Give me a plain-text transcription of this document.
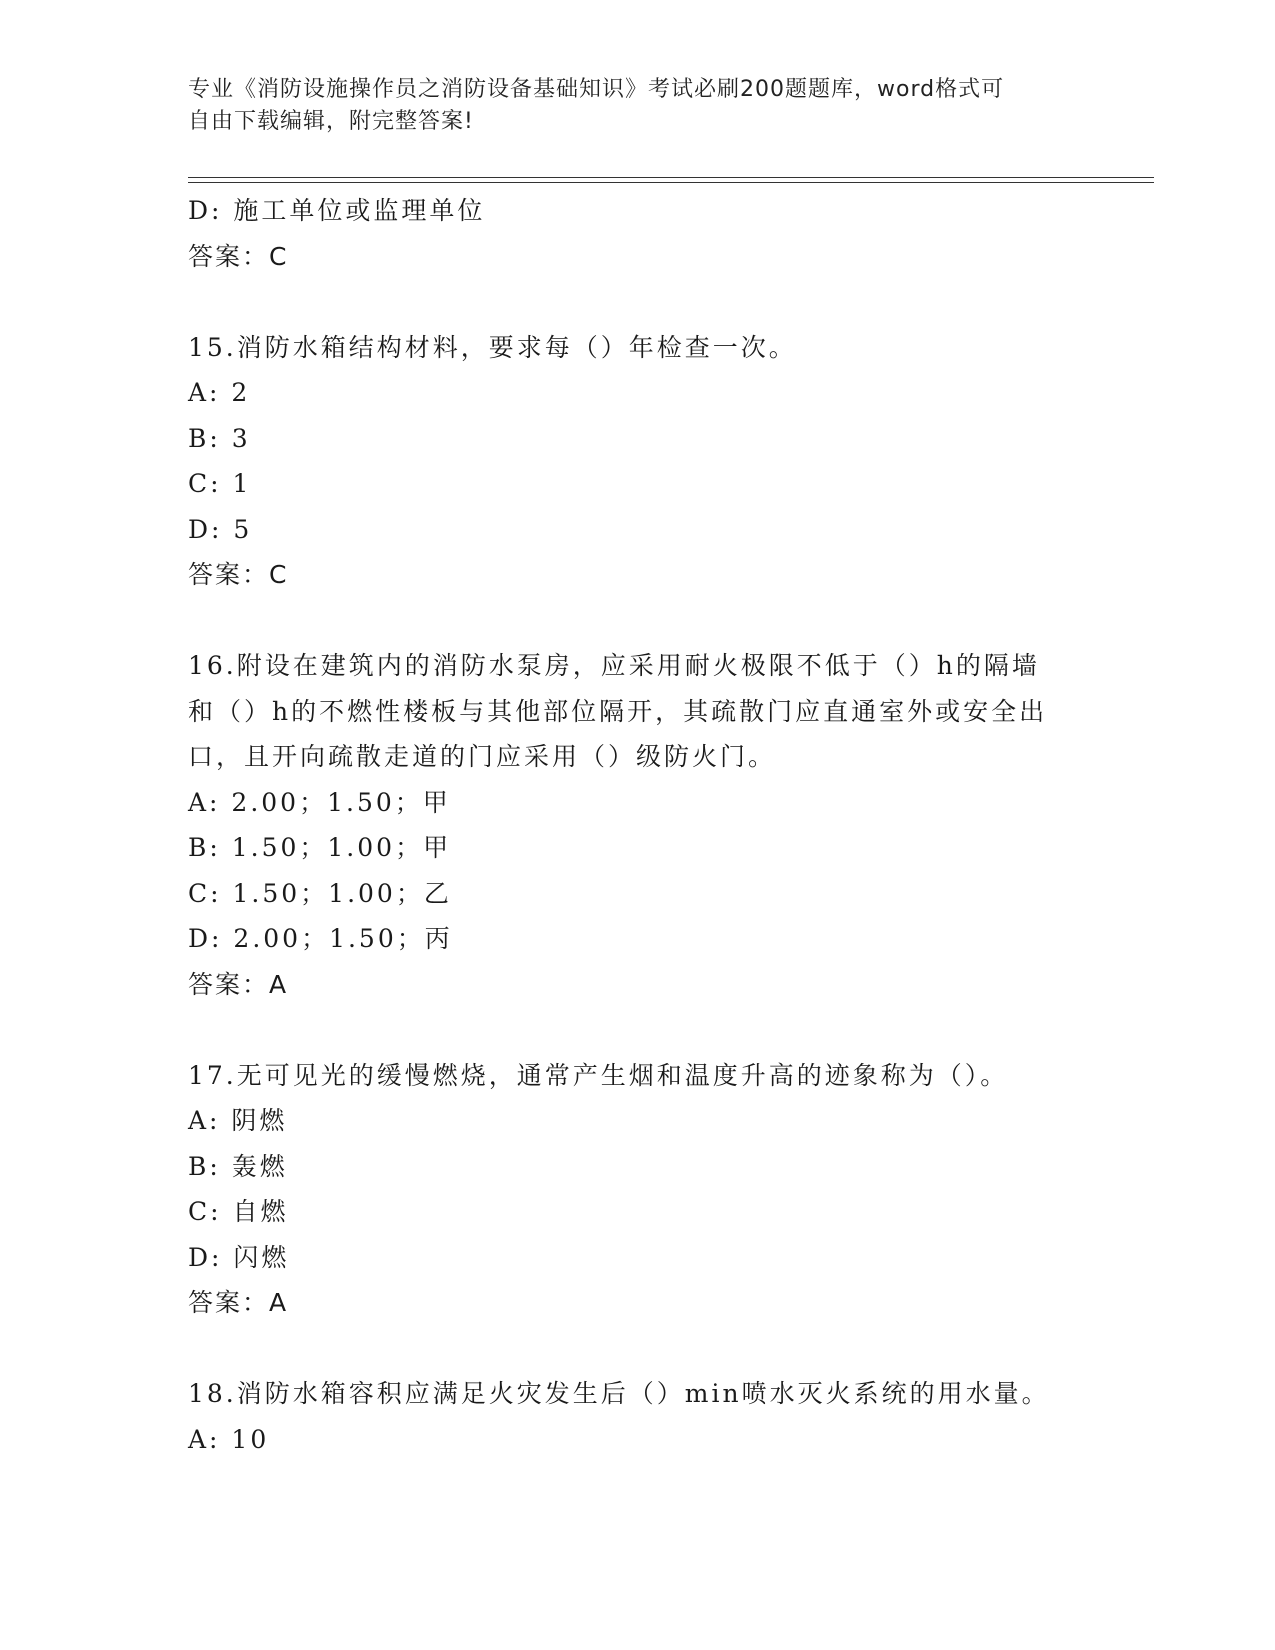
专业《消防设施操作员之消防设备基础知识》考试必刷200题题库，word格式可
自由下载编辑，附完整答案!
D: 施工单位或监理单位
答案：C
15.消防水箱结构材料，要求每（）年检查一次。
A: 2
B: 3
C: 1
D: 5
答案：C
16.附设在建筑内的消防水泵房，应采用耐火极限不低于（）h的隔墙
和（）h的不燃性楼板与其他部位隔开，其疏散门应直通室外或安全出
口，且开向疏散走道的门应采用（）级防火门。
A: 2.00；1.50；甲
B: 1.50；1.00；甲
C: 1.50；1.00；乙
D: 2.00；1.50；丙
答案：A
17.无可见光的缓慢燃烧，通常产生烟和温度升高的迹象称为（）。
A: 阴燃
B: 轰燃
C: 自燃
D: 闪燃
答案：A
18.消防水箱容积应满足火灾发生后（）min喷水灭火系统的用水量。
A: 10
